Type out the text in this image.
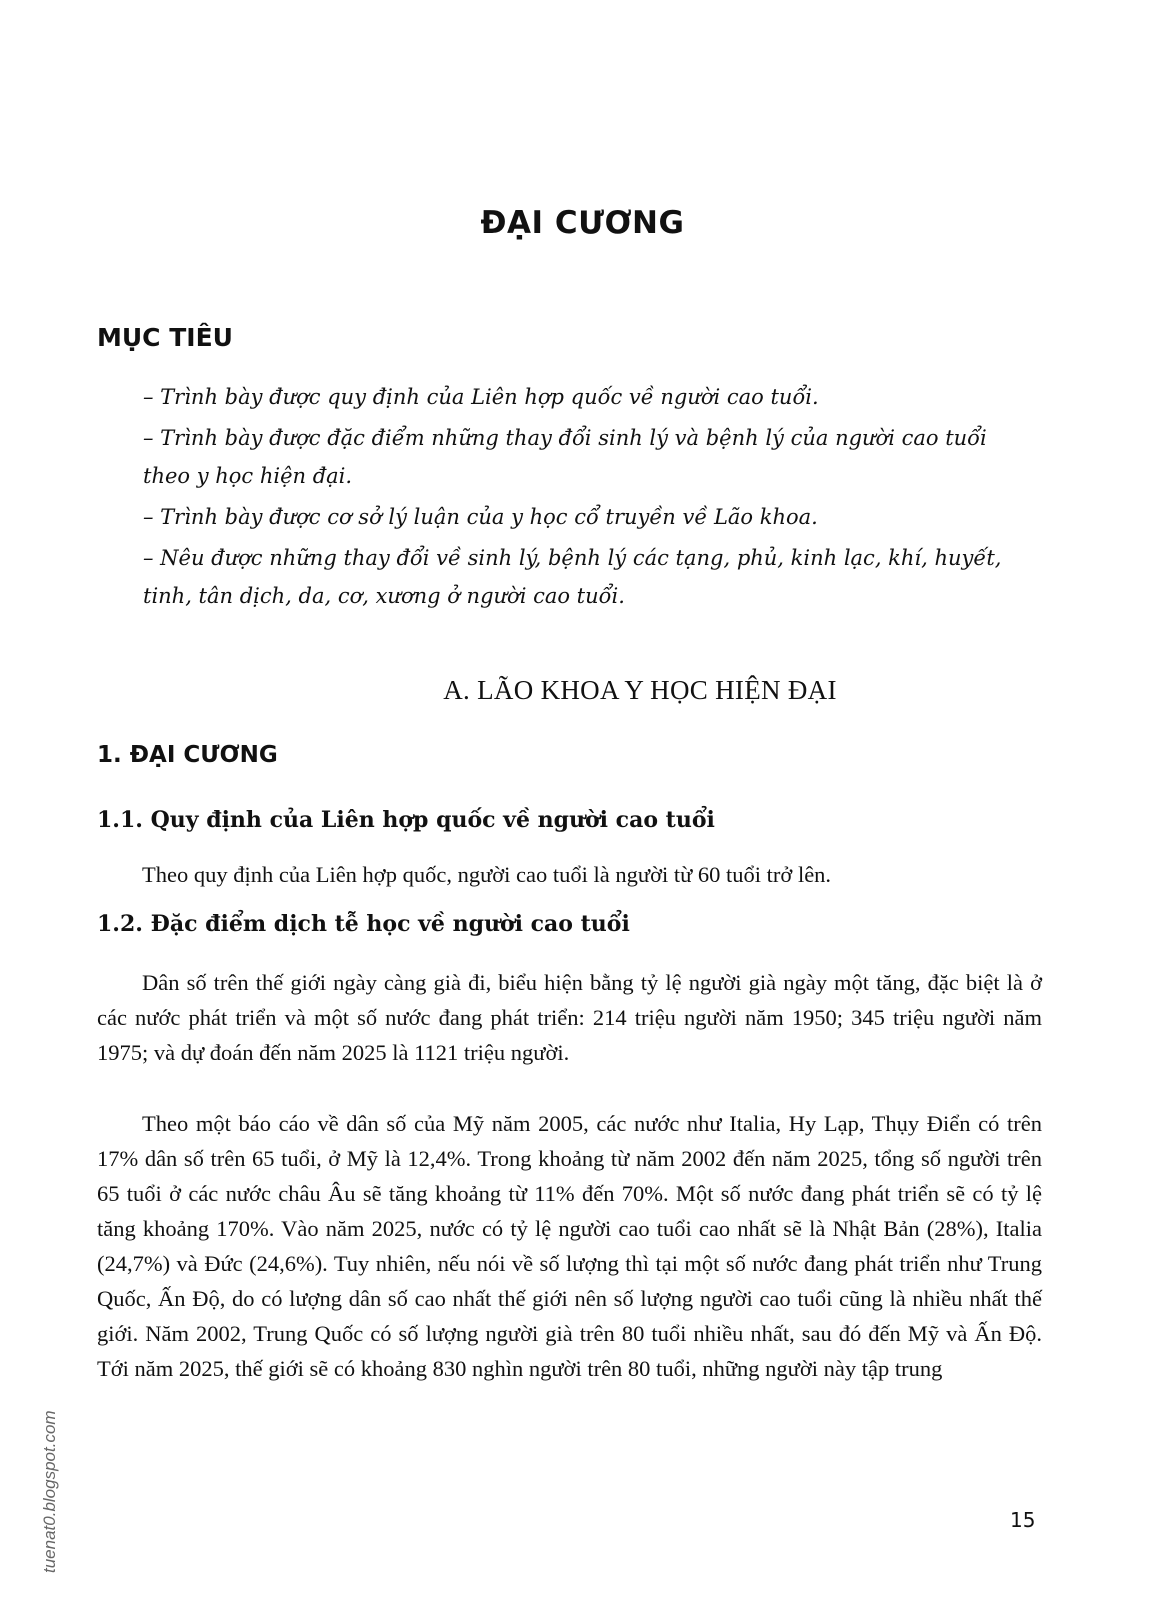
ĐẠI CƯƠNG
MỤC TIÊU
– Trình bày được quy định của Liên hợp quốc về người cao tuổi.
– Trình bày được đặc điểm những thay đổi sinh lý và bệnh lý của người cao tuổi theo y học hiện đại.
– Trình bày được cơ sở lý luận của y học cổ truyền về Lão khoa.
– Nêu được những thay đổi về sinh lý, bệnh lý các tạng, phủ, kinh lạc, khí, huyết, tinh, tân dịch, da, cơ, xương ở người cao tuổi.
A. LÃO KHOA Y HỌC HIỆN ĐẠI
1. ĐẠI CƯƠNG
1.1. Quy định của Liên hợp quốc về người cao tuổi

Theo quy định của Liên hợp quốc, người cao tuổi là người từ 60 tuổi trở lên.

1.2. Đặc điểm dịch tễ học về người cao tuổi

Dân số trên thế giới ngày càng già đi, biểu hiện bằng tỷ lệ người già ngày một tăng, đặc biệt là ở các nước phát triển và một số nước đang phát triển: 214 triệu người năm 1950; 345 triệu người năm 1975; và dự đoán đến năm 2025 là 1121 triệu người.

Theo một báo cáo về dân số của Mỹ năm 2005, các nước như Italia, Hy Lạp, Thụy Điển có trên 17% dân số trên 65 tuổi, ở Mỹ là 12,4%. Trong khoảng từ năm 2002 đến năm 2025, tổng số người trên 65 tuổi ở các nước châu Âu sẽ tăng khoảng từ 11% đến 70%. Một số nước đang phát triển sẽ có tỷ lệ tăng khoảng 170%. Vào năm 2025, nước có tỷ lệ người cao tuổi cao nhất sẽ là Nhật Bản (28%), Italia (24,7%) và Đức (24,6%). Tuy nhiên, nếu nói về số lượng thì tại một số nước đang phát triển như Trung Quốc, Ấn Độ, do có lượng dân số cao nhất thế giới nên số lượng người cao tuổi cũng là nhiều nhất thế giới. Năm 2002, Trung Quốc có số lượng người già trên 80 tuổi nhiều nhất, sau đó đến Mỹ và Ấn Độ. Tới năm 2025, thế giới sẽ có khoảng 830 nghìn người trên 80 tuổi, những người này tập trung

15
tuenat0.blogspot.com
